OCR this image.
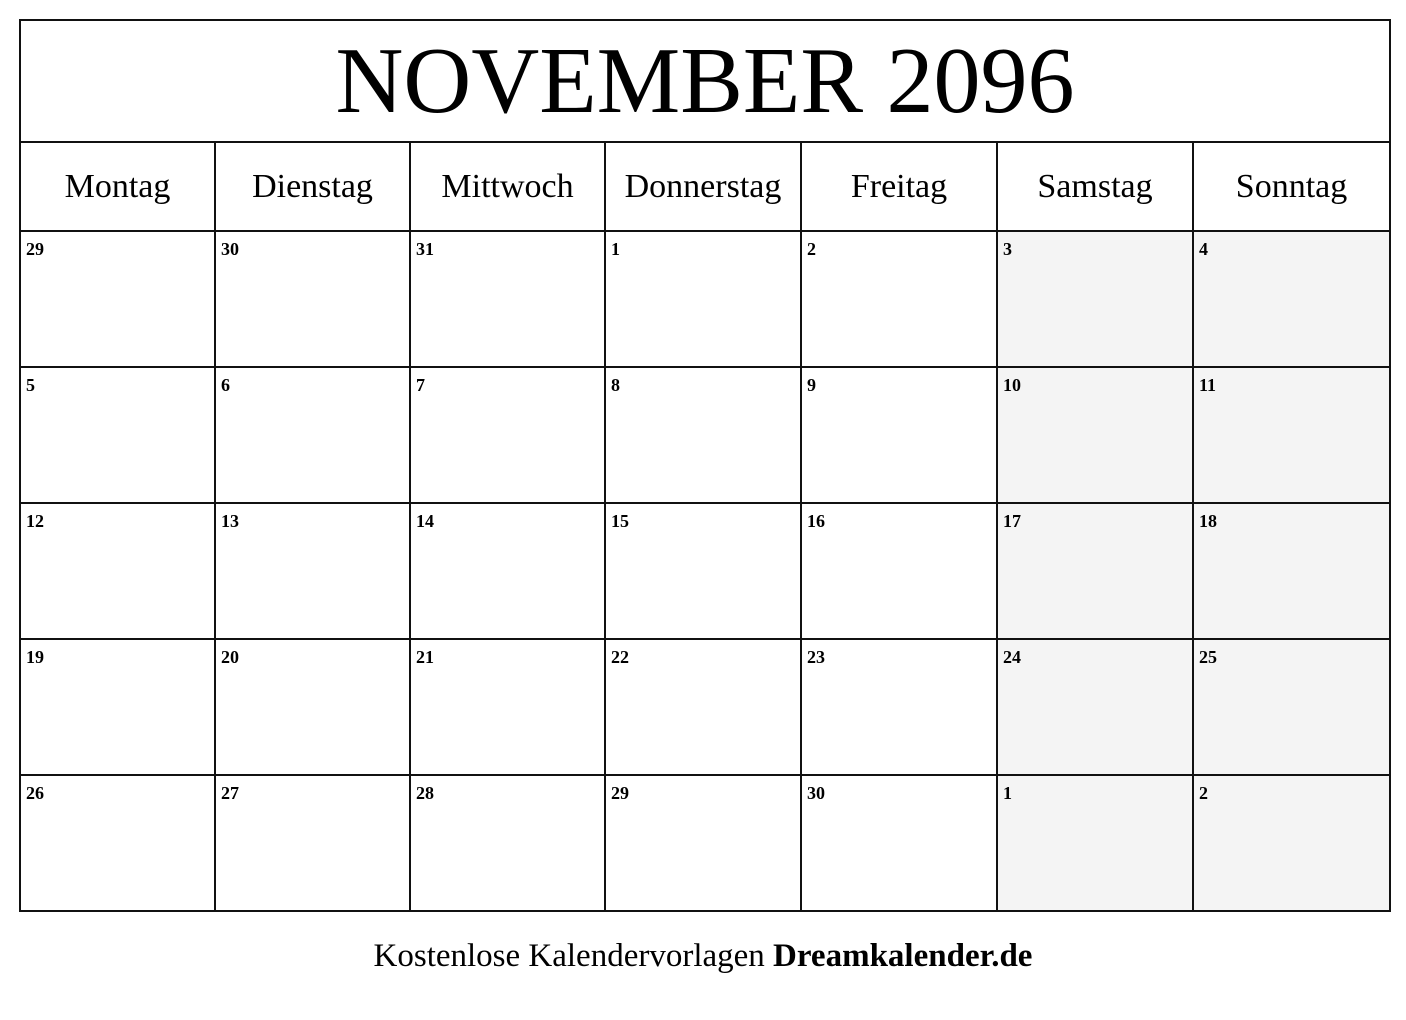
NOVEMBER 2096						
Montag	Dienstag	Mittwoch	Donnerstag	Freitag	Samstag	Sonntag

29	30	31	1	2	3	4

5	6	7	8	9	10	11

12	13	14	15	16	17	18

19	20	21	22	23	24	25

26	27	28	29	30	1	2
Kostenlose Kalendervorlagen Dreamkalender.de
